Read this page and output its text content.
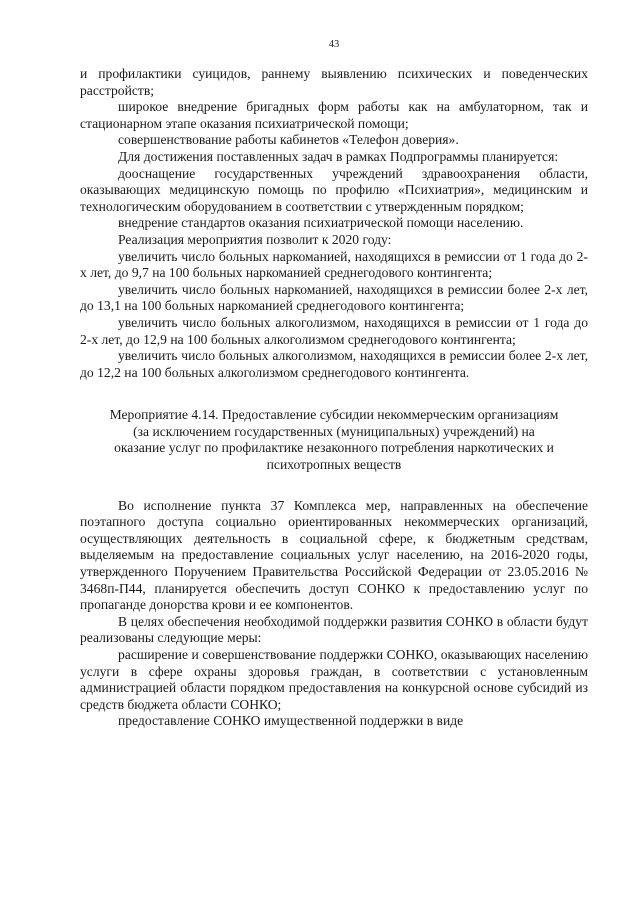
43

и профилактики суицидов, раннему выявлению психических и поведенческих расстройств;

широкое внедрение бригадных форм работы как на амбулаторном, так и стационарном этапе оказания психиатрической помощи;

совершенствование работы кабинетов «Телефон доверия».

Для достижения поставленных задач в рамках Подпрограммы планируется:

дооснащение государственных учреждений здравоохранения области, оказывающих медицинскую помощь по профилю «Психиатрия», медицинским и технологическим оборудованием в соответствии с утвержденным порядком;

внедрение стандартов оказания психиатрической помощи населению.

Реализация мероприятия позволит к 2020 году:

увеличить число больных наркоманией, находящихся в ремиссии от 1 года до 2-х лет, до 9,7 на 100 больных наркоманией среднегодового контингента;

увеличить число больных наркоманией, находящихся в ремиссии более 2-х лет, до 13,1 на 100 больных наркоманией среднегодового контингента;

увеличить число больных алкоголизмом, находящихся в ремиссии от 1 года до 2-х лет, до 12,9 на 100 больных алкоголизмом среднегодового контингента;

увеличить число больных алкоголизмом, находящихся в ремиссии более 2-х лет, до 12,2 на 100 больных алкоголизмом среднегодового контингента.

Мероприятие 4.14. Предоставление субсидии некоммерческим организациям
(за исключением государственных (муниципальных) учреждений) на
оказание услуг по профилактике незаконного потребления наркотических и
психотропных веществ

Во исполнение пункта 37 Комплекса мер, направленных на обеспечение поэтапного доступа социально ориентированных некоммерческих организаций, осуществляющих деятельность в социальной сфере, к бюджетным средствам, выделяемым на предоставление социальных услуг населению, на 2016-2020 годы, утвержденного Поручением Правительства Российской Федерации от 23.05.2016 № 3468п-П44, планируется обеспечить доступ СОНКО к предоставлению услуг по пропаганде донорства крови и ее компонентов.

В целях обеспечения необходимой поддержки развития СОНКО в области будут реализованы следующие меры:

расширение и совершенствование поддержки СОНКО, оказывающих населению услуги в сфере охраны здоровья граждан, в соответствии с установленным администрацией области порядком предоставления на конкурсной основе субсидий из средств бюджета области СОНКО;

предоставление СОНКО имущественной поддержки в виде
